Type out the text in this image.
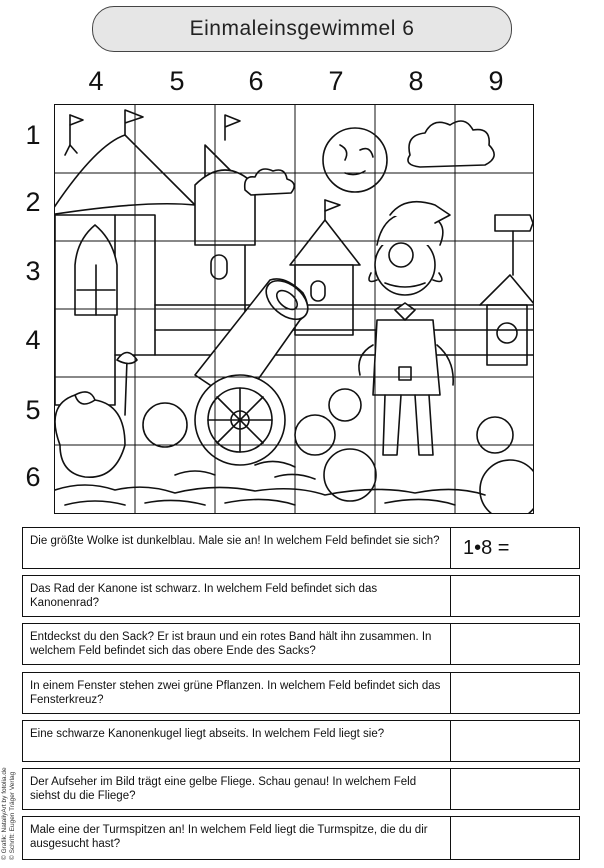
Einmaleinsgewimmel 6
4	5	6	7	8	9
1
2
3
4
5
6
Die größte Wolke ist dunkelblau. Male sie an! In welchem Feld befindet sie sich?	1•8 =
Das Rad der Kanone ist schwarz. In welchem Feld befindet sich das Kanonenrad?
Entdeckst du den Sack? Er ist braun und ein rotes Band hält ihn zusammen. In welchem Feld befindet sich das obere Ende des Sacks?
In einem Fenster stehen zwei grüne Pflanzen. In welchem Feld befindet sich das Fensterkreuz?
Eine schwarze Kanonenkugel liegt abseits. In welchem Feld liegt sie?
Der Aufseher im Bild trägt eine gelbe Fliege. Schau genau! In welchem Feld siehst du die Fliege?
Male eine der Turmspitzen an! In welchem Feld liegt die Turmspitze, die du dir ausgesucht hast?
© Grafik: NataliyArt by fotolia.de © Schrift: Eugen Träger Verlag
